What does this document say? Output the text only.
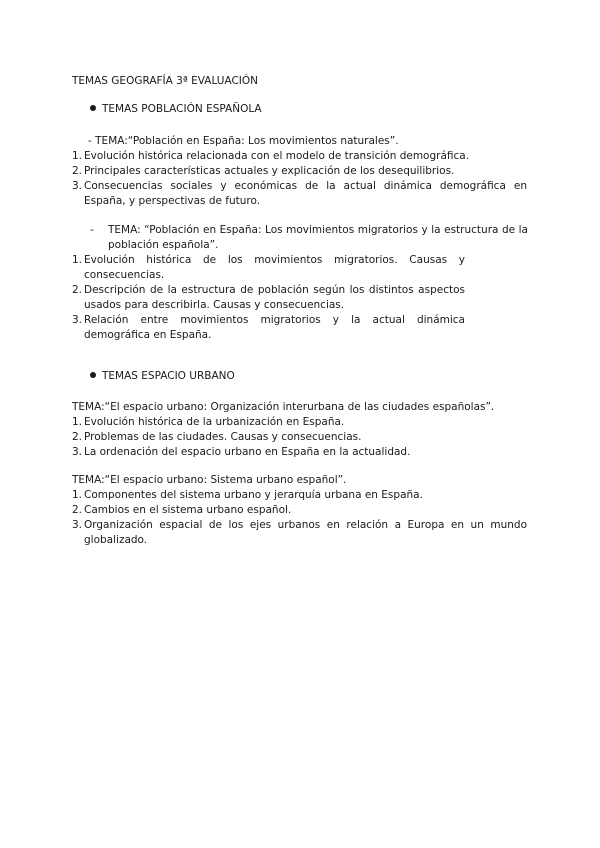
TEMAS GEOGRAFÍA 3ª EVALUACIÓN
TEMAS POBLACIÓN ESPAÑOLA
- TEMA:“Población en España: Los movimientos naturales”.
1. Evolución histórica relacionada con el modelo de transición demográfica.
2. Principales características actuales y explicación de los desequilibrios.
3. Consecuencias sociales y económicas de la actual dinámica demográfica en España, y perspectivas de futuro.
- TEMA: “Población en España: Los movimientos migratorios y la estructura de la población española”.
1. Evolución histórica de los movimientos migratorios. Causas y consecuencias.
2. Descripción de la estructura de población según los distintos aspectos usados para describirla. Causas y consecuencias.
3. Relación entre movimientos migratorios y la actual dinámica demográfica en España.
TEMAS ESPACIO URBANO
TEMA:“El espacio urbano: Organización interurbana de las ciudades españolas”.
1. Evolución histórica de la urbanización en España.
2. Problemas de las ciudades. Causas y consecuencias.
3. La ordenación del espacio urbano en España en la actualidad.
TEMA:“El espacio urbano: Sistema urbano español”.
1. Componentes del sistema urbano y jerarquía urbana en España.
2. Cambios en el sistema urbano español.
3. Organización espacial de los ejes urbanos en relación a Europa en un mundo globalizado.
